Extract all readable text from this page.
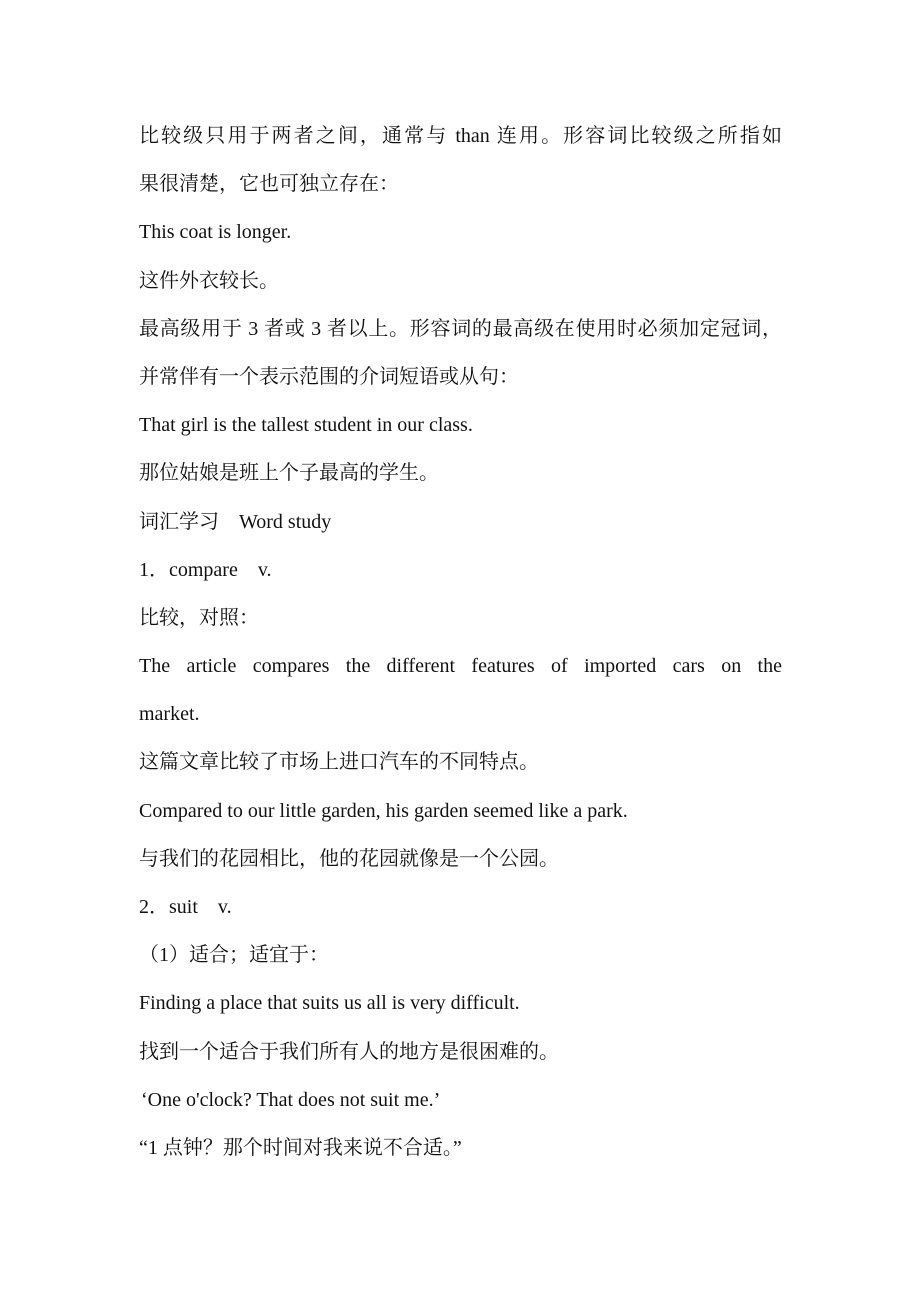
比较级只用于两者之间，通常与 than 连用。形容词比较级之所指如
果很清楚，它也可独立存在：
This coat is longer.
这件外衣较长。
最高级用于 3 者或 3 者以上。形容词的最高级在使用时必须加定冠词，
并常伴有一个表示范围的介词短语或从句：
That girl is the tallest student in our class.
那位姑娘是班上个子最高的学生。
词汇学习    Word study
1．compare    v.
比较，对照：
The article compares the different features of imported cars on the
market.
这篇文章比较了市场上进口汽车的不同特点。
Compared to our little garden, his garden seemed like a park.
与我们的花园相比，他的花园就像是一个公园。
2．suit    v.
（1）适合；适宜于：
Finding a place that suits us all is very difficult.
找到一个适合于我们所有人的地方是很困难的。
‘One o'clock? That does not suit me.’
“1 点钟？那个时间对我来说不合适。”
